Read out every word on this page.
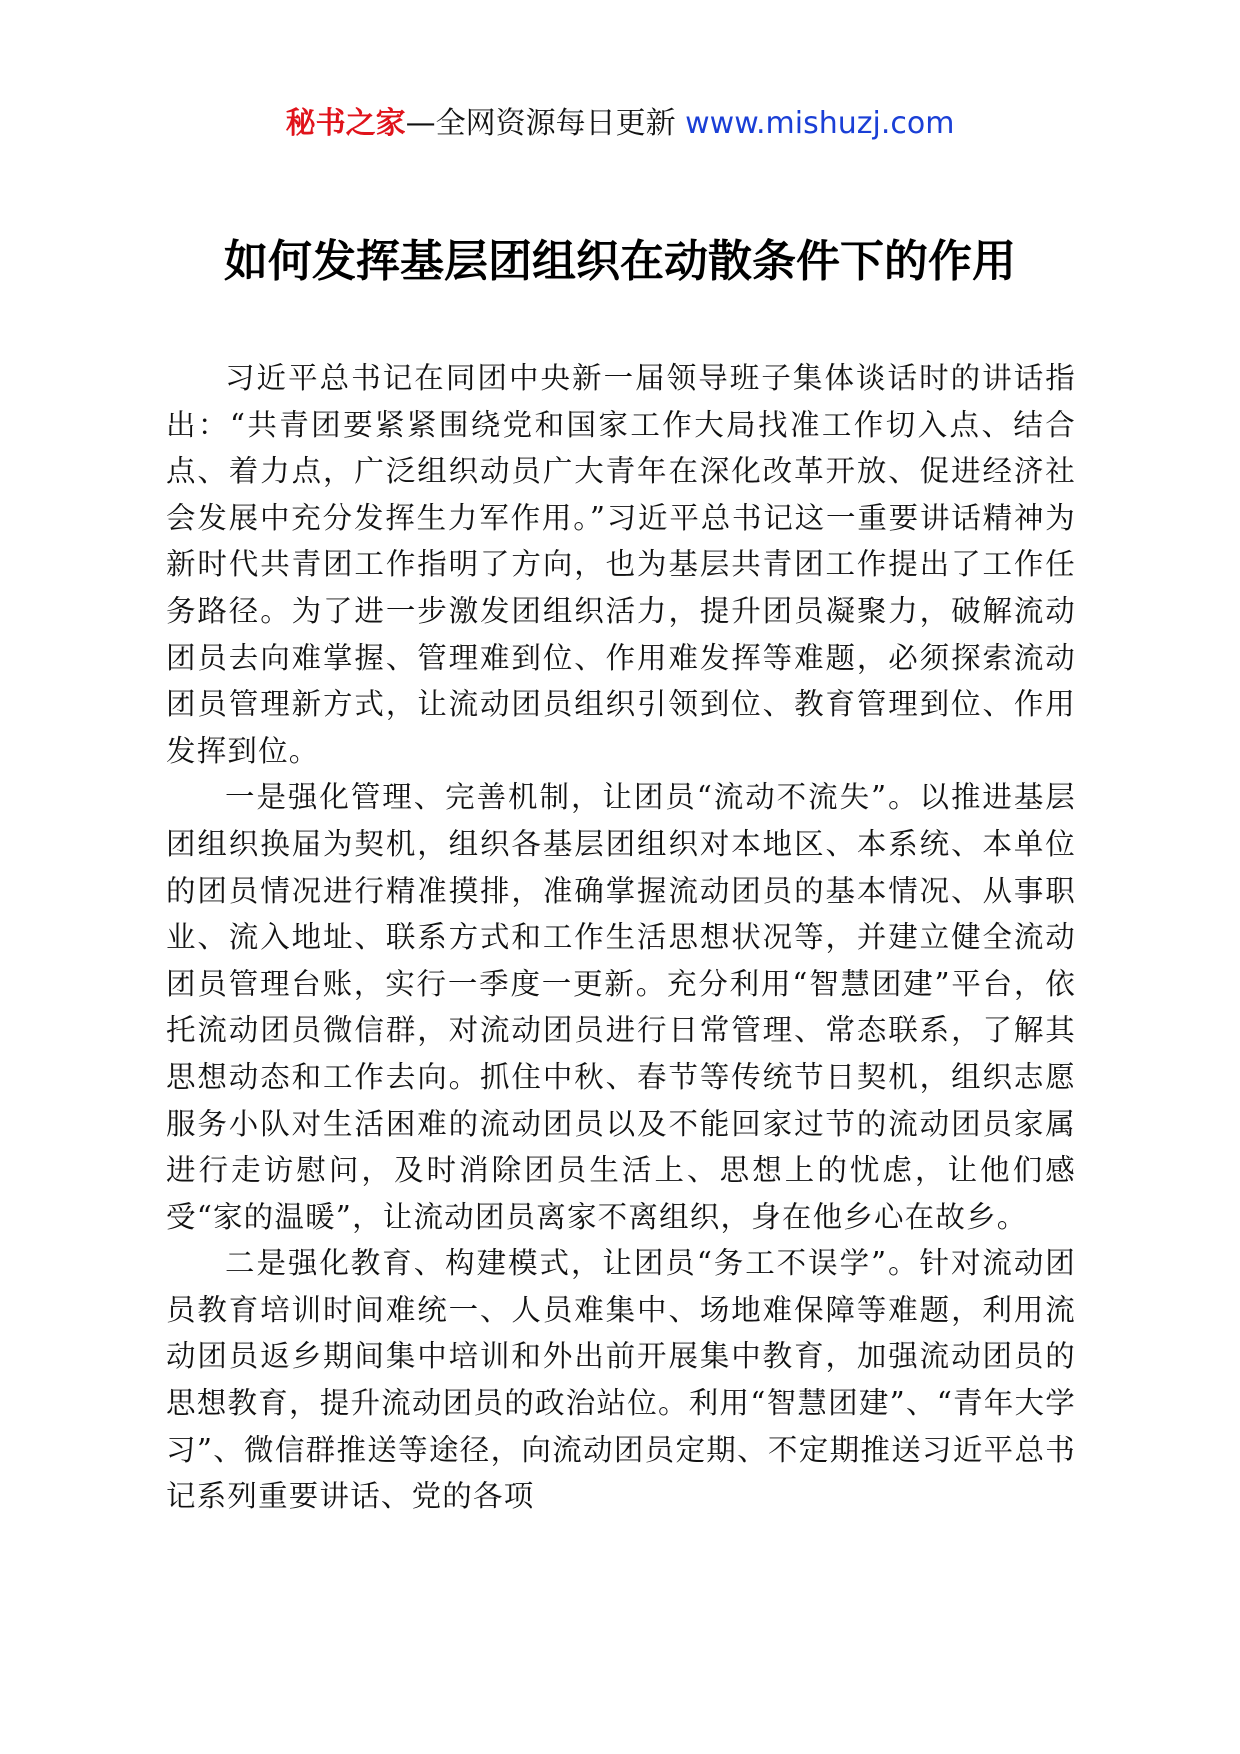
秘书之家—全网资源每日更新 www.mishuzj.com
如何发挥基层团组织在动散条件下的作用

习近平总书记在同团中央新一届领导班子集体谈话时的讲话指出：“共青团要紧紧围绕党和国家工作大局找准工作切入点、结合点、着力点，广泛组织动员广大青年在深化改革开放、促进经济社会发展中充分发挥生力军作用。”习近平总书记这一重要讲话精神为新时代共青团工作指明了方向，也为基层共青团工作提出了工作任务路径。为了进一步激发团组织活力，提升团员凝聚力，破解流动团员去向难掌握、管理难到位、作用难发挥等难题，必须探索流动团员管理新方式，让流动团员组织引领到位、教育管理到位、作用发挥到位。

一是强化管理、完善机制，让团员“流动不流失”。以推进基层团组织换届为契机，组织各基层团组织对本地区、本系统、本单位的团员情况进行精准摸排，准确掌握流动团员的基本情况、从事职业、流入地址、联系方式和工作生活思想状况等，并建立健全流动团员管理台账，实行一季度一更新。充分利用“智慧团建”平台，依托流动团员微信群，对流动团员进行日常管理、常态联系，了解其思想动态和工作去向。抓住中秋、春节等传统节日契机，组织志愿服务小队对生活困难的流动团员以及不能回家过节的流动团员家属进行走访慰问，及时消除团员生活上、思想上的忧虑，让他们感受“家的温暖”，让流动团员离家不离组织，身在他乡心在故乡。

二是强化教育、构建模式，让团员“务工不误学”。针对流动团员教育培训时间难统一、人员难集中、场地难保障等难题，利用流动团员返乡期间集中培训和外出前开展集中教育，加强流动团员的思想教育，提升流动团员的政治站位。利用“智慧团建”、“青年大学习”、微信群推送等途径，向流动团员定期、不定期推送习近平总书记系列重要讲话、党的各项
